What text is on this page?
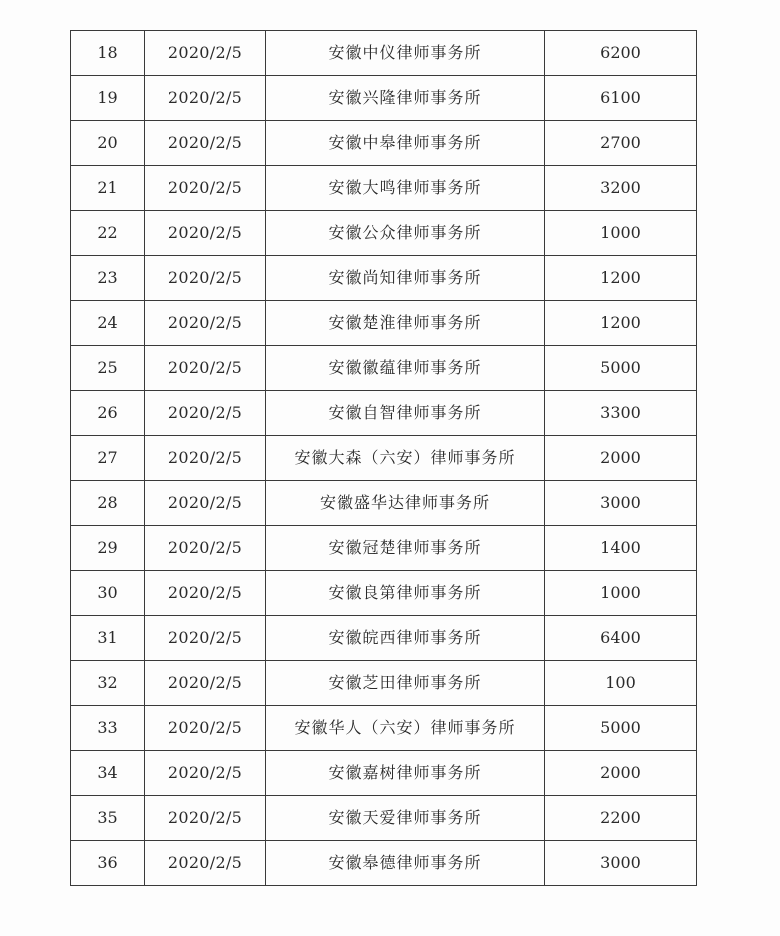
18	2020/2/5	安徽中仪律师事务所	6200
19	2020/2/5	安徽兴隆律师事务所	6100
20	2020/2/5	安徽中皋律师事务所	2700
21	2020/2/5	安徽大鸣律师事务所	3200
22	2020/2/5	安徽公众律师事务所	1000
23	2020/2/5	安徽尚知律师事务所	1200
24	2020/2/5	安徽楚淮律师事务所	1200
25	2020/2/5	安徽徽蕴律师事务所	5000
26	2020/2/5	安徽自智律师事务所	3300
27	2020/2/5	安徽大森（六安）律师事务所	2000
28	2020/2/5	安徽盛华达律师事务所	3000
29	2020/2/5	安徽冠楚律师事务所	1400
30	2020/2/5	安徽良第律师事务所	1000
31	2020/2/5	安徽皖西律师事务所	6400
32	2020/2/5	安徽芝田律师事务所	100
33	2020/2/5	安徽华人（六安）律师事务所	5000
34	2020/2/5	安徽嘉树律师事务所	2000
35	2020/2/5	安徽天爱律师事务所	2200
36	2020/2/5	安徽皋德律师事务所	3000
